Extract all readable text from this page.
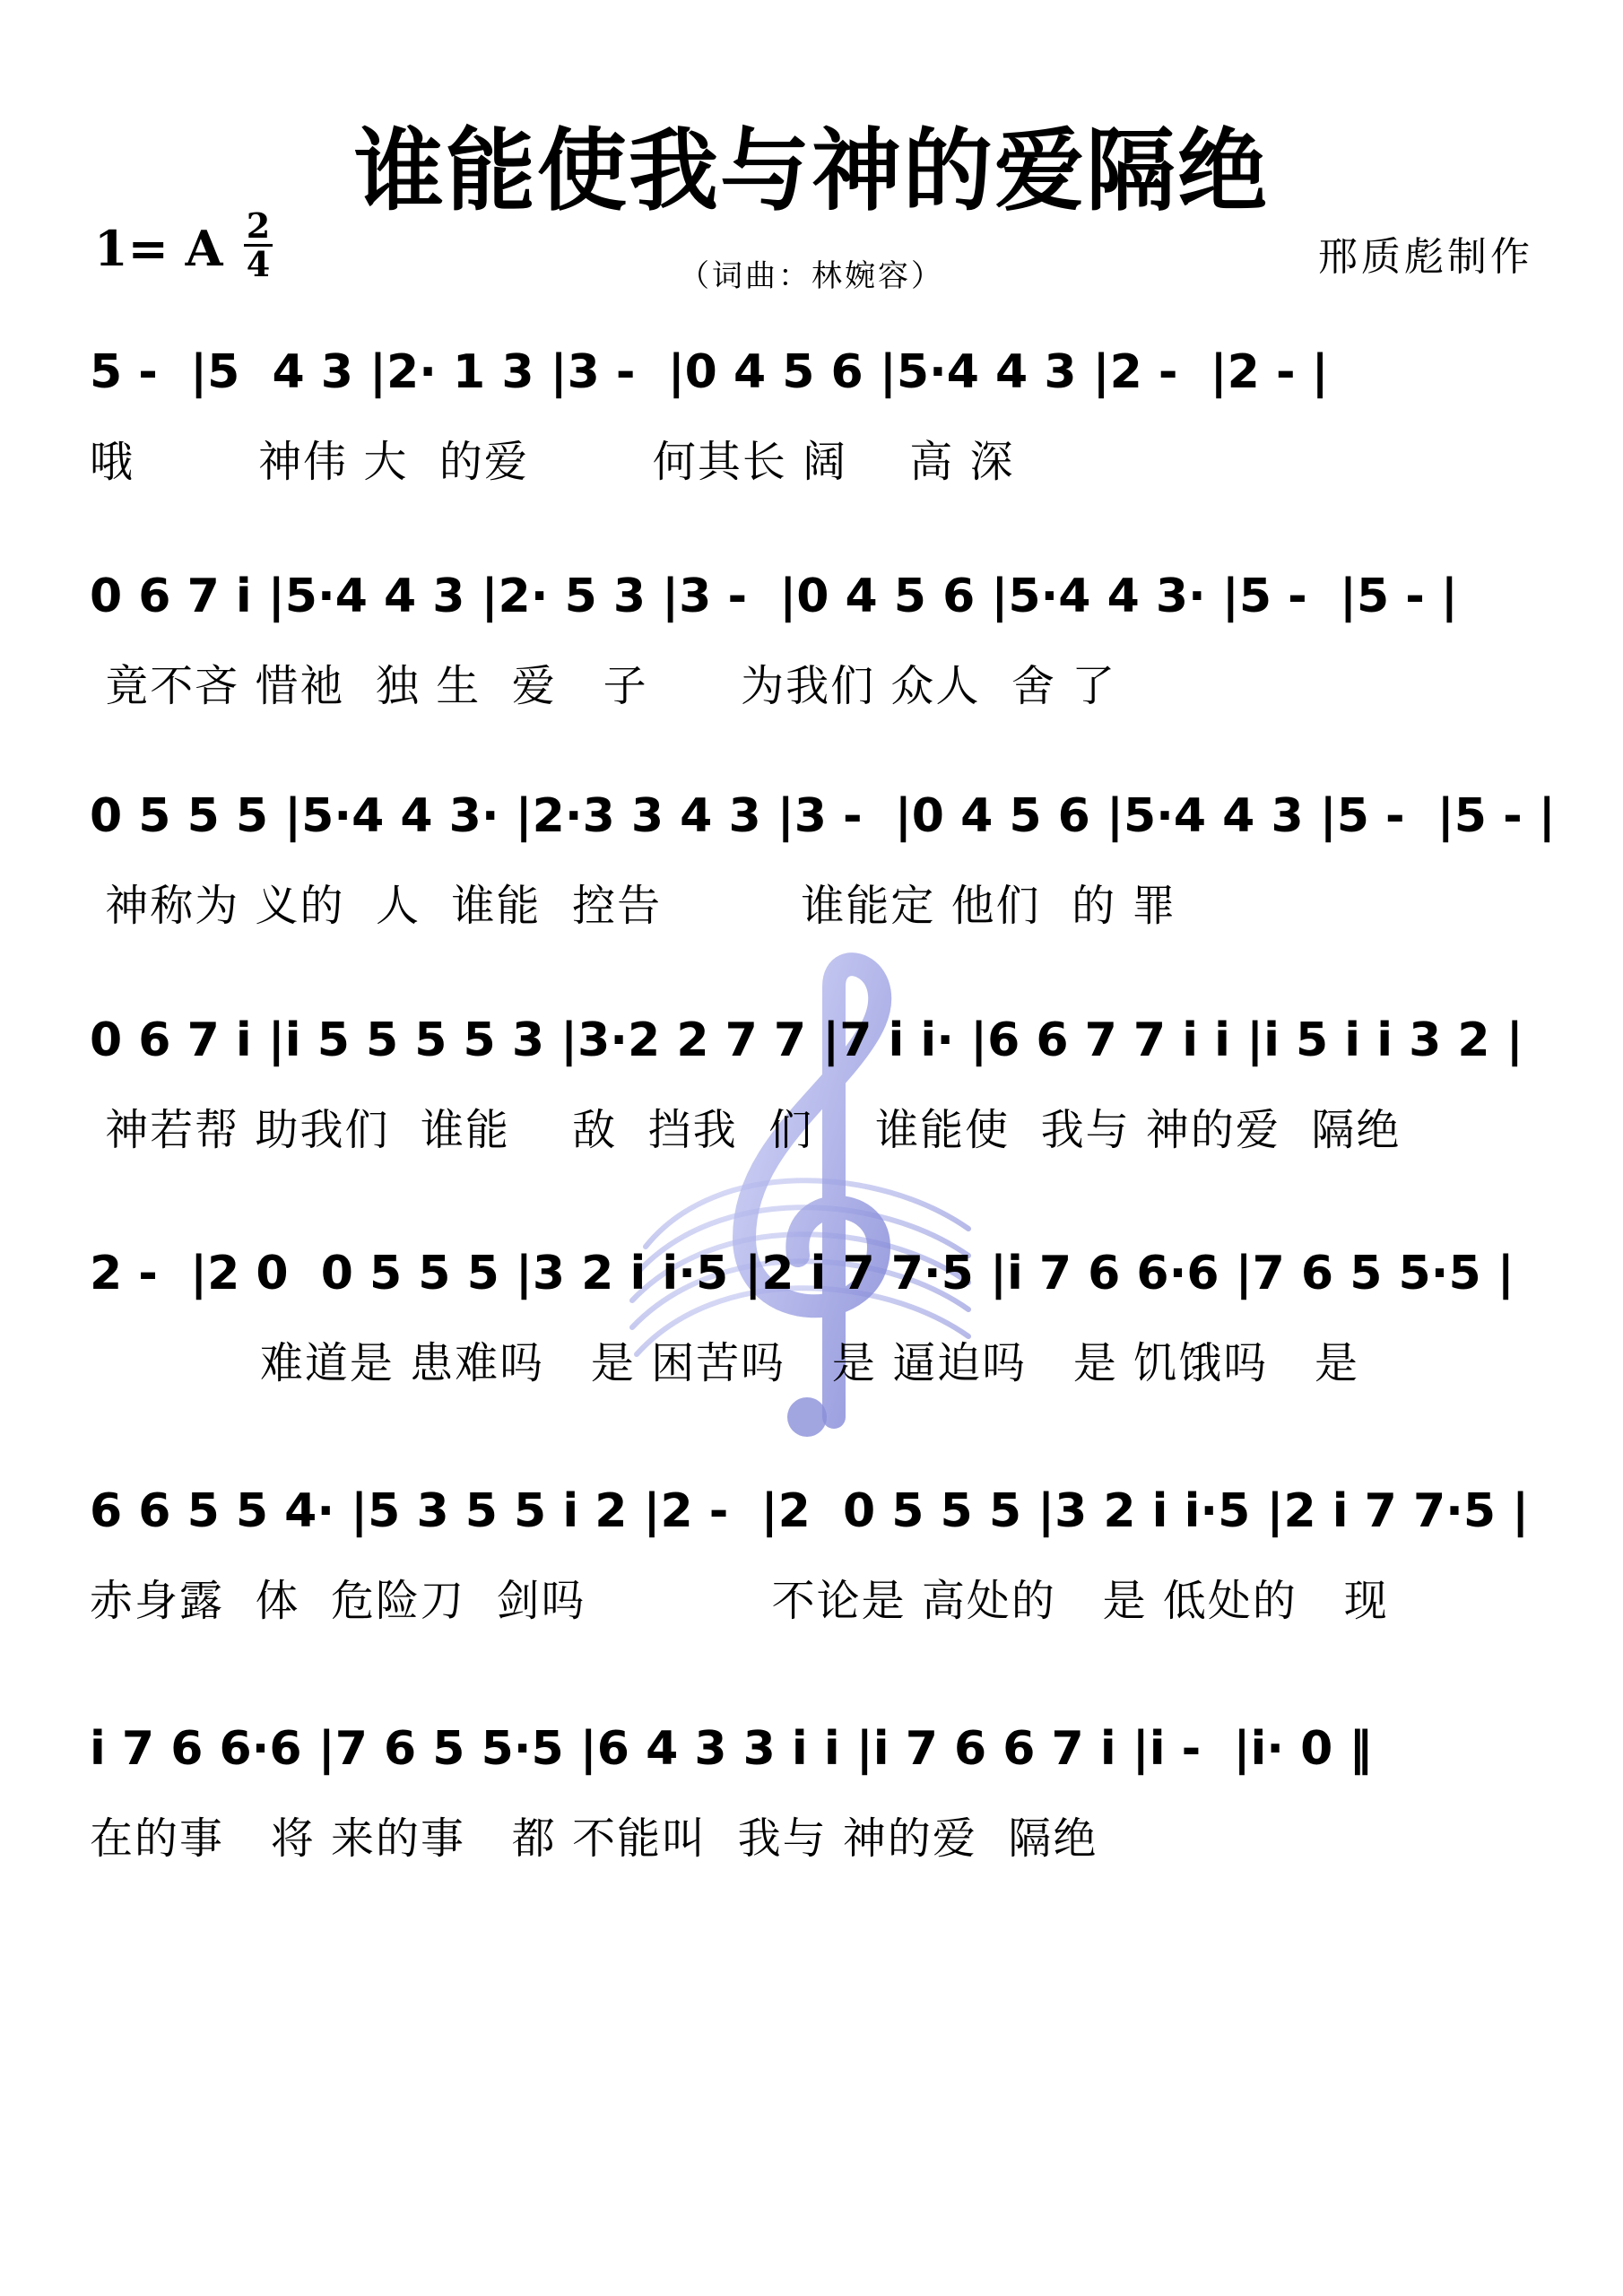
谁能使我与神的爱隔绝
1= A 2
4	（词曲：林婉容）	邢质彪制作
5 -  |5  4 3 |2· 1 3 |3 -  |0 4 5 6 |5·4 4 3 |2 -  |2 - |
哦        神伟 大  的爱        何其长 阔    高 深
0 6 7 i |5·4 4 3 |2· 5 3 |3 -  |0 4 5 6 |5·4 4 3· |5 -  |5 - |
竟不吝 惜祂  独 生  爱   子      为我们 众人  舍 了
0 5 5 5 |5·4 4 3· |2·3 3 4 3 |3 -  |0 4 5 6 |5·4 4 3 |5 -  |5 - |
神称为 义的  人  谁能  控告         谁能定 他们  的 罪
0 6 7 i |i 5 5 5 5 3 |3·2 2 7 7 |7 i i· |6 6 7 7 i i |i 5 i i 3 2 |
神若帮 助我们  谁能    敌  挡我  们    谁能使  我与 神的爱  隔绝
2 -  |2 0  0 5 5 5 |3 2 i i·5 |2 i 7 7·5 |i 7 6 6·6 |7 6 5 5·5 |
难道是 患难吗   是 困苦吗   是 逼迫吗   是 饥饿吗   是
6 6 5 5 4· |5 3 5 5 i 2 |2 -  |2  0 5 5 5 |3 2 i i·5 |2 i 7 7·5 |
赤身露  体  危险刀  剑吗            不论是 高处的   是 低处的   现
i 7 6 6·6 |7 6 5 5·5 |6 4 3 3 i i |i 7 6 6 7 i |i -  |i· 0 ‖
在的事   将 来的事   都 不能叫  我与 神的爱  隔绝
